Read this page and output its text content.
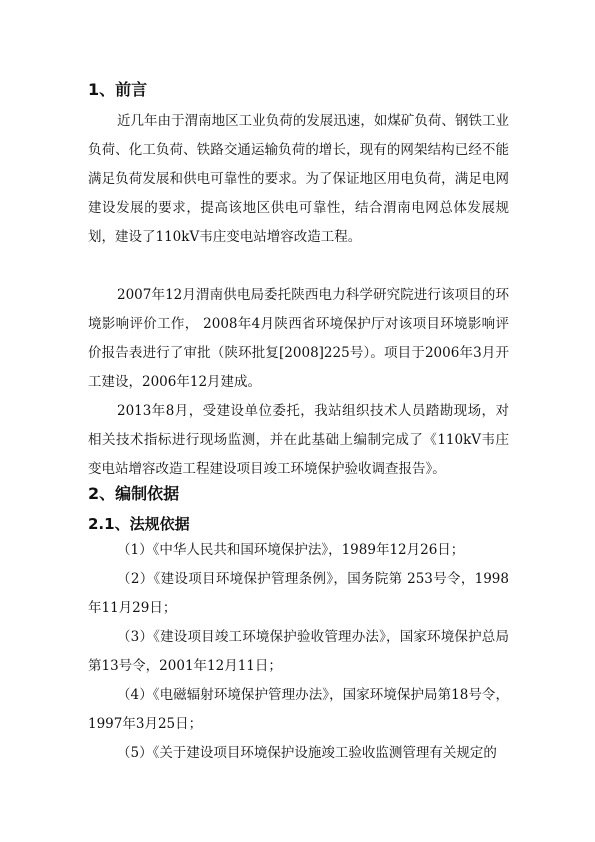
1、前言

近几年由于渭南地区工业负荷的发展迅速，如煤矿负荷、钢铁工业负荷、化工负荷、铁路交通运输负荷的增长，现有的网架结构已经不能满足负荷发展和供电可靠性的要求。为了保证地区用电负荷，满足电网建设发展的要求，提高该地区供电可靠性，结合渭南电网总体发展规划，建设了110kV韦庄变电站增容改造工程。

2007年12月渭南供电局委托陕西电力科学研究院进行该项目的环境影响评价工作， 2008年4月陕西省环境保护厅对该项目环境影响评价报告表进行了审批（陕环批复[2008]225号）。项目于2006年3月开工建设，2006年12月建成。

2013年8月，受建设单位委托，我站组织技术人员踏勘现场，对相关技术指标进行现场监测，并在此基础上编制完成了《110kV韦庄变电站增容改造工程建设项目竣工环境保护验收调查报告》。

2、编制依据
2.1、法规依据

（1）《中华人民共和国环境保护法》，1989年12月26日；

（2）《建设项目环境保护管理条例》，国务院第 253号令，1998年11月29日；

（3）《建设项目竣工环境保护验收管理办法》，国家环境保护总局第13号令，2001年12月11日；

（4）《电磁辐射环境保护管理办法》，国家环境保护局第18号令，1997年3月25日；

（5）《关于建设项目环境保护设施竣工验收监测管理有关规定的
